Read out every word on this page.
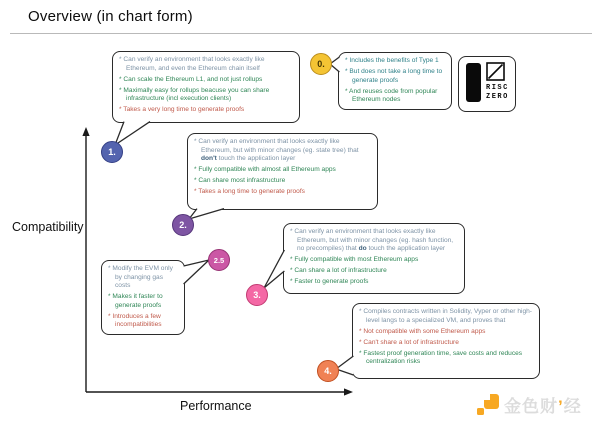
Overview (in chart form)
* Can verify an environment that looks exactly like Ethereum, and even the Ethereum chain itself
* Can scale the Ethereum L1, and not just rollups
* Maximally easy for rollups beacuse you can share infrastructure (incl execution clients)
* Takes a very long time to generate proofs
* Includes the benefits of Type 1
* But does not take a long time to generate proofs
* And reuses code from popular Ethereum nodes
* Can verify an environment that looks exactly like Ethereum, but with minor changes (eg. state tree) that don't touch the application layer
* Fully compatible with almost all Ethereum apps
* Can share most infrastructure
* Takes a long time to generate proofs
* Modify the EVM only by changing gas costs
* Makes it faster to generate proofs
* Introduces a few incompatibilities
* Can verify an environment that looks exactly like Ethereum, but with minor changes (eg. hash function, no precompiles) that do touch the application layer
* Fully compatible with most Ethereum apps
* Can share a lot of infrastructure
* Faster to generate proofs
* Compiles contracts written in Solidity, Vyper or other high-level langs to a specialized VM, and proves that
* Not compatible with some Ethereum apps
* Can't share a lot of infrastructure
* Fastest proof generation time, save costs and reduces centralization risks
RISC
ZERO
0.
1.
2.
2.5
3.
4.
Compatibility
Performance	金色财’经
